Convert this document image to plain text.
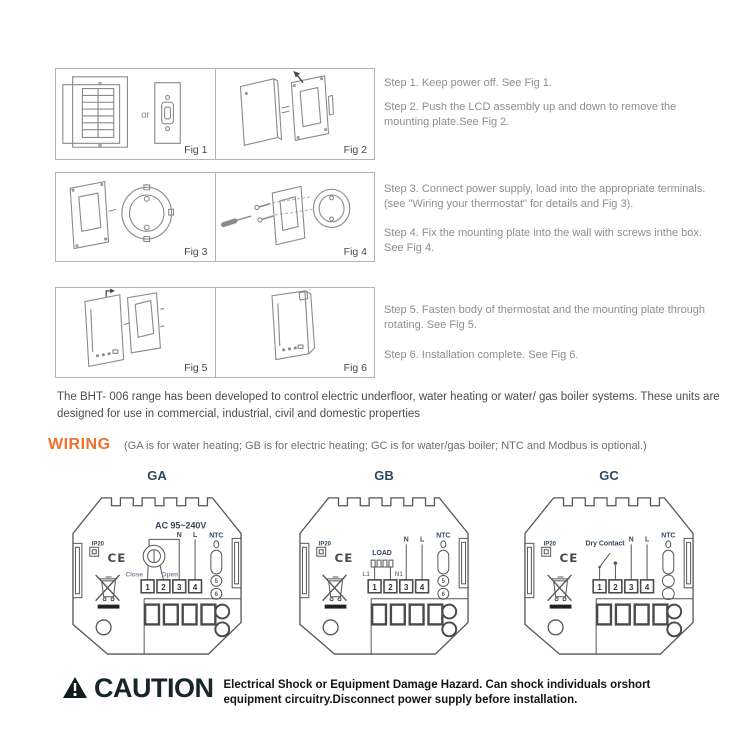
or
Fig 1	Fig 2
Step 1. Keep power off. See Fig 1.
Step 2. Push the LCD assembly up and down to remove the mounting plate.See Fig 2.
Fig 3	Fig 4
Step 3. Connect power supply, load into the appropriate terminals. (see "Wiring your thermostat" for details and Fig 3).
Step 4. Fix the mounting plate into the wall with screws inthe box. See Fig 4.
Fig 5	Fig 6
Step 5. Fasten body of thermostat and the mounting plate through rotating. See Fig 5.
Step 6. Installation complete. See Fig 6.
The BHT- 006 range has been developed to control electric underfloor, water heating or water/ gas boiler systems. These units are designed for use in commercial, industrial, civil and domestic properties
WIRING (GA is for water heating; GB is for electric heating; GC is for water/gas boiler; NTC and Modbus is optional.)
GA
IP20
CE
AC 95~240V
N L
Close	Open
1 2 3 4
NTC
5
6
GB
IP20
CE	LOAD
L1	N1
N L
1 2 3 4
NTC
5
6
GC
IP20
CE
Dry Contact
N L
1 2 3 4
NTC
CAUTION Electrical Shock or Equipment Damage Hazard. Can shock individuals orshort equipment circuitry.Disconnect power supply before installation.
